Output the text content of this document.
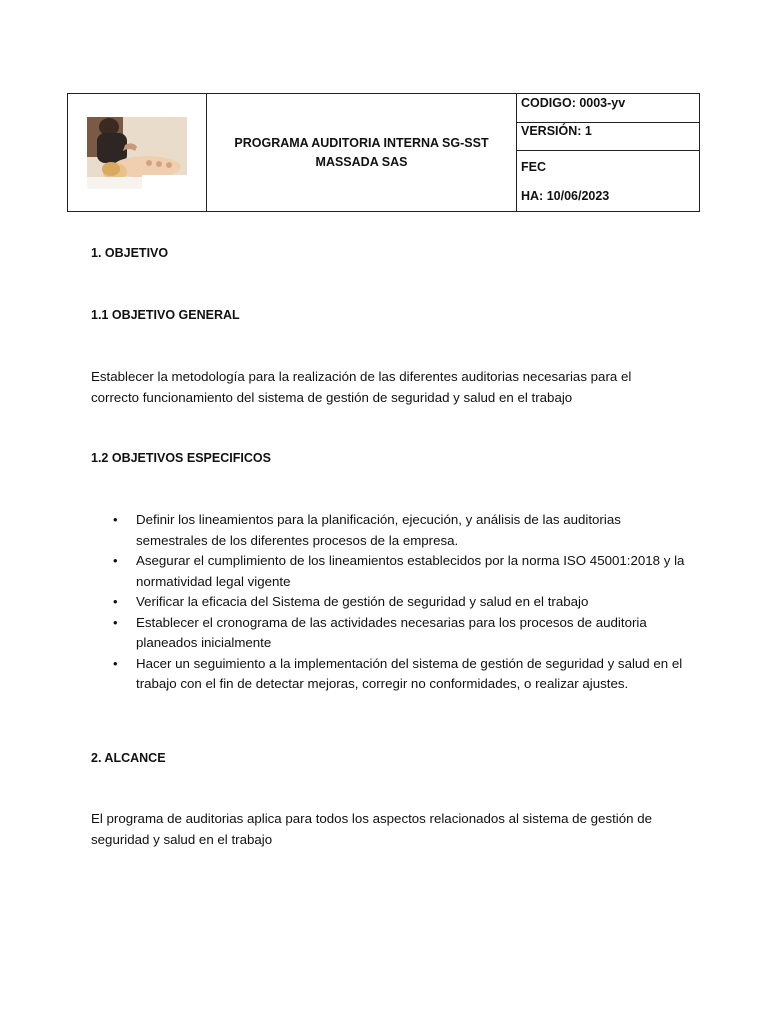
PROGRAMA AUDITORIA INTERNA SG-SST MASSADA SAS
CODIGO: 0003-yv
VERSIÓN: 1
FEC
HA: 10/06/2023
1. OBJETIVO
1.1 OBJETIVO GENERAL
Establecer la metodología para la realización de las diferentes auditorias necesarias para el correcto funcionamiento del sistema de gestión de seguridad y salud en el trabajo
1.2 OBJETIVOS ESPECIFICOS
• Definir los lineamientos para la planificación, ejecución, y análisis de las auditorias semestrales de los diferentes procesos de la empresa.
• Asegurar el cumplimiento de los lineamientos establecidos por la norma ISO 45001:2018 y la normatividad legal vigente
• Verificar la eficacia del Sistema de gestión de seguridad y salud en el trabajo
• Establecer el cronograma de las actividades necesarias para los procesos de auditoria planeados inicialmente
• Hacer un seguimiento a la implementación del sistema de gestión de seguridad y salud en el trabajo con el fin de detectar mejoras, corregir no conformidades, o realizar ajustes.
2. ALCANCE
El programa de auditorias aplica para todos los aspectos relacionados al sistema de gestión de seguridad y salud en el trabajo
